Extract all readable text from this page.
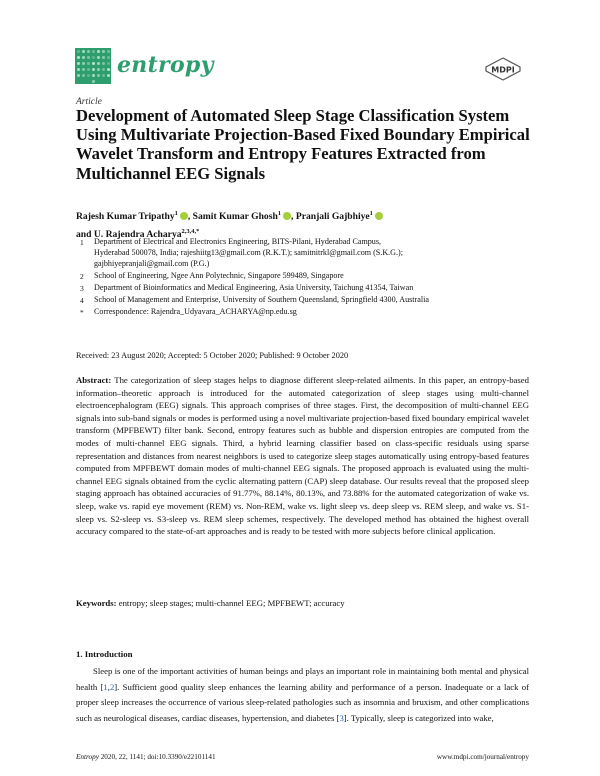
entropy	MDPI
Article
Development of Automated Sleep Stage Classification System Using Multivariate Projection-Based Fixed Boundary Empirical Wavelet Transform and Entropy Features Extracted from Multichannel EEG Signals
Rajesh Kumar Tripathy$^1$ , Samit Kumar Ghosh$^1$ , Pranjali Gajbhiye$^1$
and U. Rajendra Acharya$^{2,3,4,*}$
1 Department of Electrical and Electronics Engineering, BITS-Pilani, Hyderabad Campus,
Hyderabad 500078, India; rajeshiitg13@gmail.com (R.K.T.); samitnitrkl@gmail.com (S.K.G.);
gajbhiyepranjali@gmail.com (P.G.)
2 School of Engineering, Ngee Ann Polytechnic, Singapore 599489, Singapore
3 Department of Bioinformatics and Medical Engineering, Asia University, Taichung 41354, Taiwan
4 School of Management and Enterprise, University of Southern Queensland, Springfield 4300, Australia
* Correspondence: Rajendra_Udyavara_ACHARYA@np.edu.sg
Received: 23 August 2020; Accepted: 5 October 2020; Published: 9 October 2020

Abstract: The categorization of sleep stages helps to diagnose different sleep-related ailments. In this paper, an entropy-based information–theoretic approach is introduced for the automated categorization of sleep stages using multi-channel electroencephalogram (EEG) signals. This approach comprises of three stages. First, the decomposition of multi-channel EEG signals into sub-band signals or modes is performed using a novel multivariate projection-based fixed boundary empirical wavelet transform (MPFBEWT) filter bank. Second, entropy features such as bubble and dispersion entropies are computed from the modes of multi-channel EEG signals. Third, a hybrid learning classifier based on class-specific residuals using sparse representation and distances from nearest neighbors is used to categorize sleep stages automatically using entropy-based features computed from MPFBEWT domain modes of multi-channel EEG signals. The proposed approach is evaluated using the multi-channel EEG signals obtained from the cyclic alternating pattern (CAP) sleep database. Our results reveal that the proposed sleep staging approach has obtained accuracies of 91.77%, 88.14%, 80.13%, and 73.88% for the automated categorization of wake vs. sleep, wake vs. rapid eye movement (REM) vs. Non-REM, wake vs. light sleep vs. deep sleep vs. REM sleep, and wake vs. S1-sleep vs. S2-sleep vs. S3-sleep vs. REM sleep schemes, respectively. The developed method has obtained the highest overall accuracy compared to the state-of-art approaches and is ready to be tested with more subjects before clinical application.

Keywords: entropy; sleep stages; multi-channel EEG; MPFBEWT; accuracy
1. Introduction

Sleep is one of the important activities of human beings and plays an important role in maintaining both mental and physical health [1,2]. Sufficient good quality sleep enhances the learning ability and performance of a person. Inadequate or a lack of proper sleep increases the occurrence of various sleep-related pathologies such as insomnia and bruxism, and other complications such as neurological diseases, cardiac diseases, hypertension, and diabetes [3]. Typically, sleep is categorized into wake,

Entropy 2020, 22, 1141; doi:10.3390/e22101141	www.mdpi.com/journal/entropy
